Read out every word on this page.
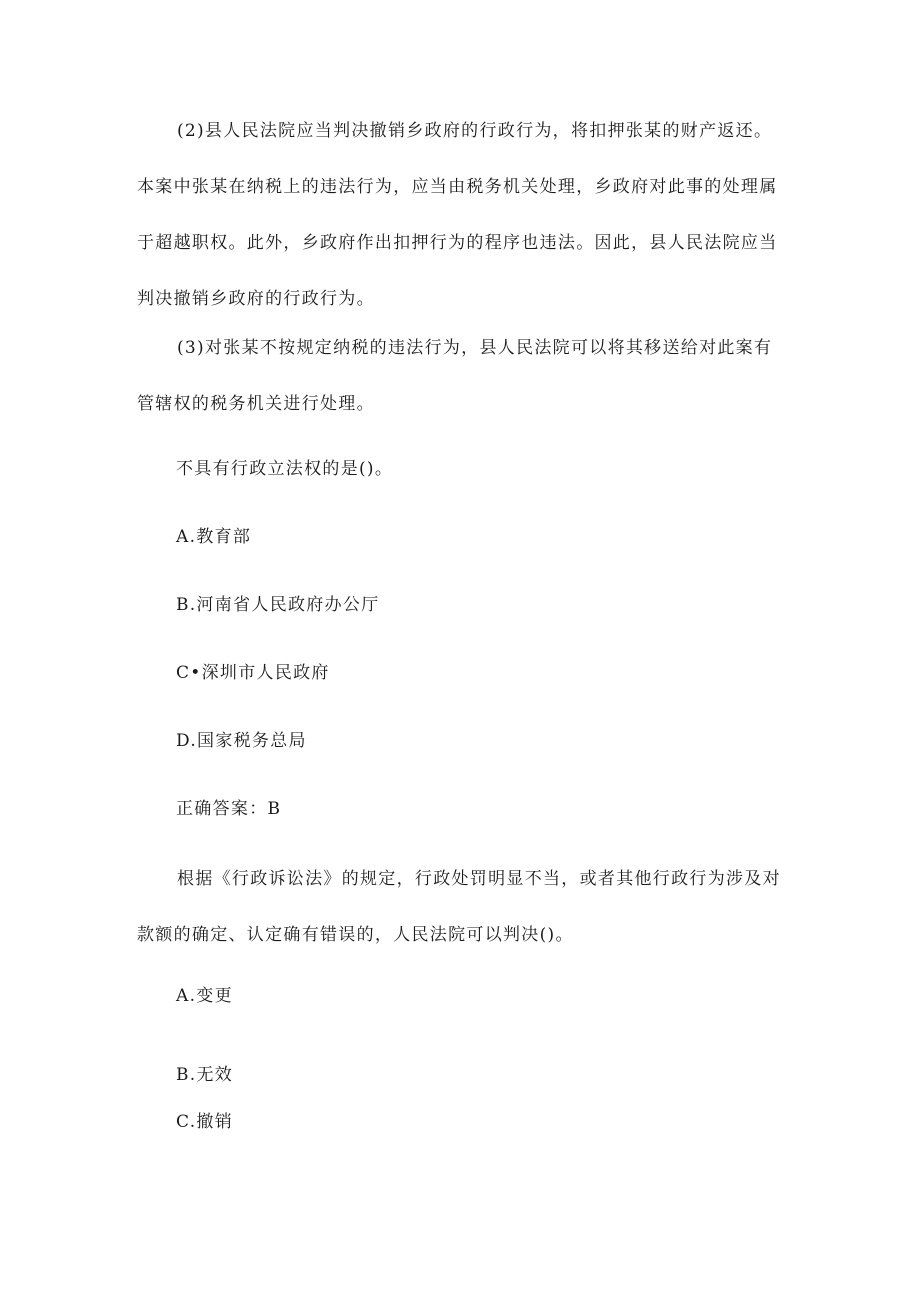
(2)县人民法院应当判决撤销乡政府的行政行为，将扣押张某的财产返还。本案中张某在纳税上的违法行为，应当由税务机关处理，乡政府对此事的处理属于超越职权。此外，乡政府作出扣押行为的程序也违法。因此，县人民法院应当判决撤销乡政府的行政行为。

(3)对张某不按规定纳税的违法行为，县人民法院可以将其移送给对此案有管辖权的税务机关进行处理。

不具有行政立法权的是()。

A.教育部

B.河南省人民政府办公厅

C•深圳市人民政府

D.国家税务总局

正确答案：B

根据《行政诉讼法》的规定，行政处罚明显不当，或者其他行政行为涉及对款额的确定、认定确有错误的，人民法院可以判决()。

A.变更

B.无效

C.撤销
